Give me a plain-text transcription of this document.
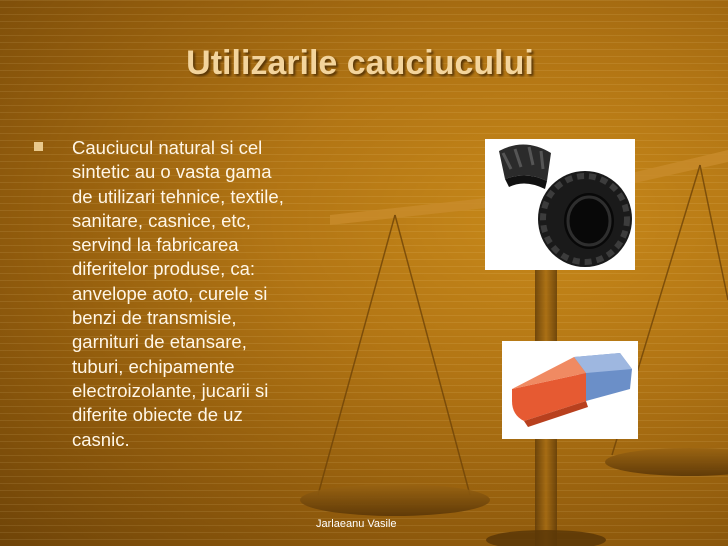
Utilizarile cauciucului
Cauciucul natural si cel
sintetic au o vasta gama
de utilizari tehnice, textile,
sanitare, casnice, etc,
servind la fabricarea
diferitelor produse, ca:
anvelope aoto, curele si
benzi de transmisie,
garnituri de etansare,
tuburi, echipamente
electroizolante, jucarii si
diferite obiecte de uz
casnic.
Jarlaeanu Vasile
